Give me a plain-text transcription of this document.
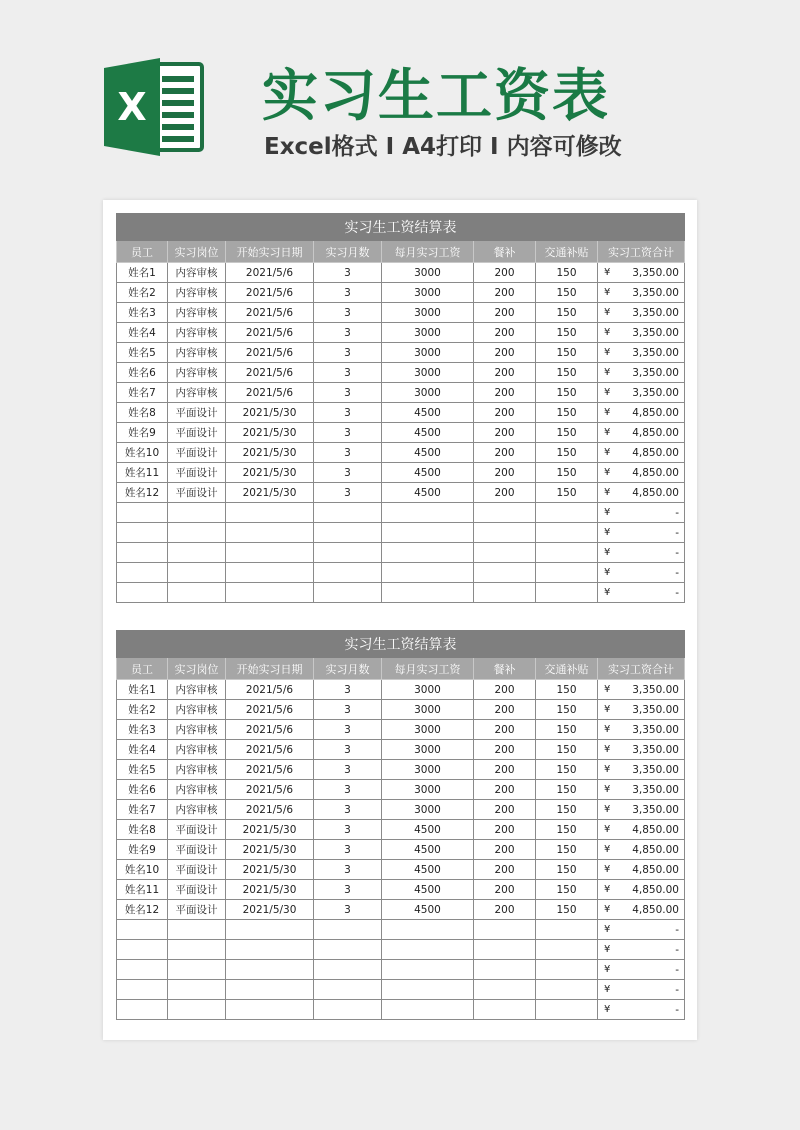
X 实习生工资表
Excel格式 I A4打印 I 内容可修改
实习生工资结算表							
员工	实习岗位	开始实习日期	实习月数	每月实习工资	餐补	交通补贴	实习工资合计
姓名1	内容审核	2021/5/6	3	3000	200	150	¥ 3,350.00

姓名2	内容审核	2021/5/6	3	3000	200	150	¥ 3,350.00

姓名3	内容审核	2021/5/6	3	3000	200	150	¥ 3,350.00

姓名4	内容审核	2021/5/6	3	3000	200	150	¥ 3,350.00

姓名5	内容审核	2021/5/6	3	3000	200	150	¥ 3,350.00

姓名6	内容审核	2021/5/6	3	3000	200	150	¥ 3,350.00

姓名7	内容审核	2021/5/6	3	3000	200	150	¥ 3,350.00

姓名8	平面设计	2021/5/30	3	4500	200	150	¥ 4,850.00

姓名9	平面设计	2021/5/30	3	4500	200	150	¥ 4,850.00

姓名10	平面设计	2021/5/30	3	4500	200	150	¥ 4,850.00

姓名11	平面设计	2021/5/30	3	4500	200	150	¥ 4,850.00

姓名12	平面设计	2021/5/30	3	4500	200	150	¥ 4,850.00

							¥ -

							¥ -

							¥ -

							¥ -

							¥ -
实习生工资结算表							
员工	实习岗位	开始实习日期	实习月数	每月实习工资	餐补	交通补贴	实习工资合计
姓名1	内容审核	2021/5/6	3	3000	200	150	¥ 3,350.00

姓名2	内容审核	2021/5/6	3	3000	200	150	¥ 3,350.00

姓名3	内容审核	2021/5/6	3	3000	200	150	¥ 3,350.00

姓名4	内容审核	2021/5/6	3	3000	200	150	¥ 3,350.00

姓名5	内容审核	2021/5/6	3	3000	200	150	¥ 3,350.00

姓名6	内容审核	2021/5/6	3	3000	200	150	¥ 3,350.00

姓名7	内容审核	2021/5/6	3	3000	200	150	¥ 3,350.00

姓名8	平面设计	2021/5/30	3	4500	200	150	¥ 4,850.00

姓名9	平面设计	2021/5/30	3	4500	200	150	¥ 4,850.00

姓名10	平面设计	2021/5/30	3	4500	200	150	¥ 4,850.00

姓名11	平面设计	2021/5/30	3	4500	200	150	¥ 4,850.00

姓名12	平面设计	2021/5/30	3	4500	200	150	¥ 4,850.00

							¥ -

							¥ -

							¥ -

							¥ -

							¥ -
